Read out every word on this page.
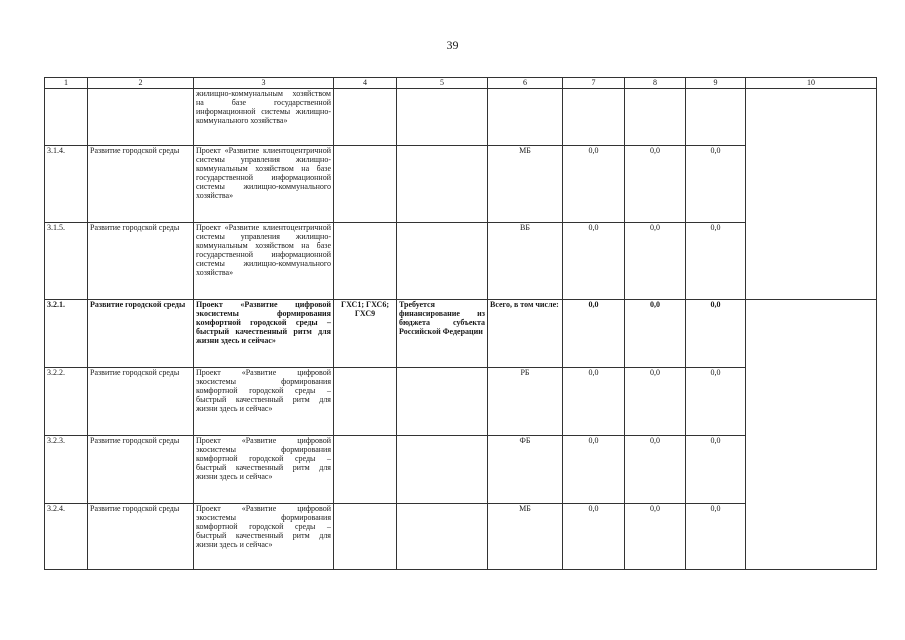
39
1	2	3	4	5	6	7	8	9	10
		жилищно-коммунальным хозяйством на базе государственной информационной системы жилищно-коммунального хозяйства»							
3.1.4.	Развитие городской среды	Проект «Развитие клиентоцентричной системы управления жилищно-коммунальным хозяйством на базе государственной информационной системы жилищно-коммунального хозяйства»			МБ	0,0	0,0	0,0	
3.1.5.	Развитие городской среды	Проект «Развитие клиентоцентричной системы управления жилищно-коммунальным хозяйством на базе государственной информационной системы жилищно-коммунального хозяйства»			ВБ	0,0	0,0	0,0	
3.2.1.	Развитие городской среды	Проект «Развитие цифровой экосистемы формирования комфортной городской среды – быстрый качественный ритм для жизни здесь и сейчас»	ГХС1; ГХС6; ГХС9	Требуется финансирование из бюджета субъекта Российской Федерации	Всего, в том числе:	0,0	0,0	0,0	
3.2.2.	Развитие городской среды	Проект «Развитие цифровой экосистемы формирования комфортной городской среды – быстрый качественный ритм для жизни здесь и сейчас»			РБ	0,0	0,0	0,0	
3.2.3.	Развитие городской среды	Проект «Развитие цифровой экосистемы формирования комфортной городской среды – быстрый качественный ритм для жизни здесь и сейчас»			ФБ	0,0	0,0	0,0	
3.2.4.	Развитие городской среды	Проект «Развитие цифровой экосистемы формирования комфортной городской среды – быстрый качественный ритм для жизни здесь и сейчас»			МБ	0,0	0,0	0,0	
